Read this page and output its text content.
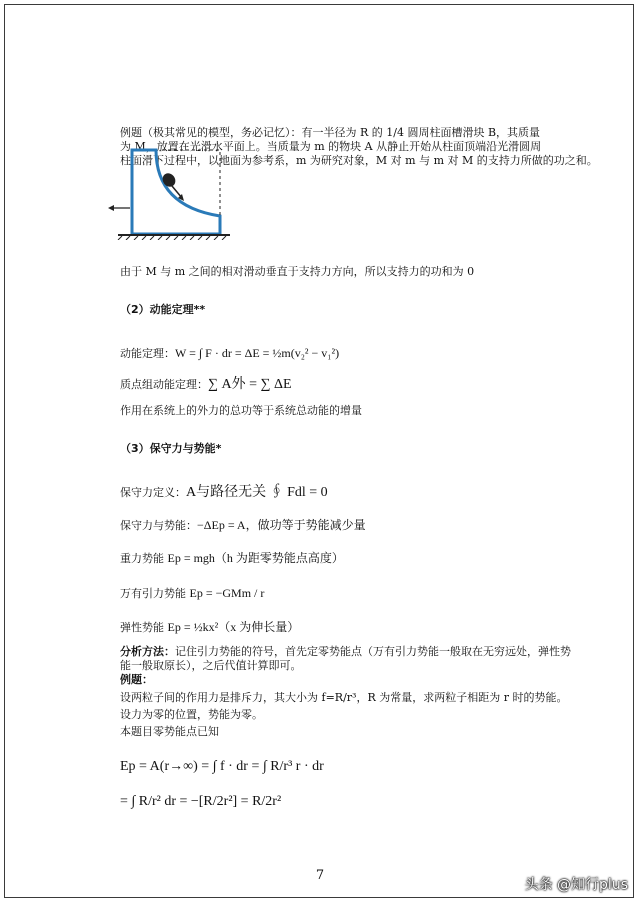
例题（极其常见的模型，务必记忆）：有一半径为 R 的 1/4 圆周柱面槽滑块 B，其质量
为 M，放置在光滑水平面上。当质量为 m 的物块 A 从静止开始从柱面顶端沿光滑圆周
柱面滑下过程中，以地面为参考系，m 为研究对象，M 对 m 与 m 对 M 的支持力所做的功之和。
由于 M 与 m 之间的相对滑动垂直于支持力方向，所以支持力的功和为 0
（2）动能定理**
动能定理：W = ∫ F · dr = ΔE = ½m(v₂² − v₁²)
质点组动能定理：∑ A外 = ∑ ΔE
作用在系统上的外力的总功等于系统总动能的增量
（3）保守力与势能*
保守力定义：A与路径无关 ∮ Fdl = 0
保守力与势能：−ΔEp = A，做功等于势能减少量
重力势能 Ep = mgh（h 为距零势能点高度）
万有引力势能 Ep = −GMm / r
弹性势能 Ep = ½kx²（x 为伸长量）
分析方法：记住引力势能的符号，首先定零势能点（万有引力势能一般取在无穷远处，弹性势
能一般取原长），之后代值计算即可。
例题：
设两粒子间的作用力是排斥力，其大小为 f=R/r³，R 为常量，求两粒子相距为 r 时的势能。
设力为零的位置，势能为零。
本题目零势能点已知
Ep = A(r→∞) = ∫ f · dr = ∫ R/r³ r · dr
= ∫ R/r² dr = −[R/2r²] = R/2r²
7
头条 @知行plus
